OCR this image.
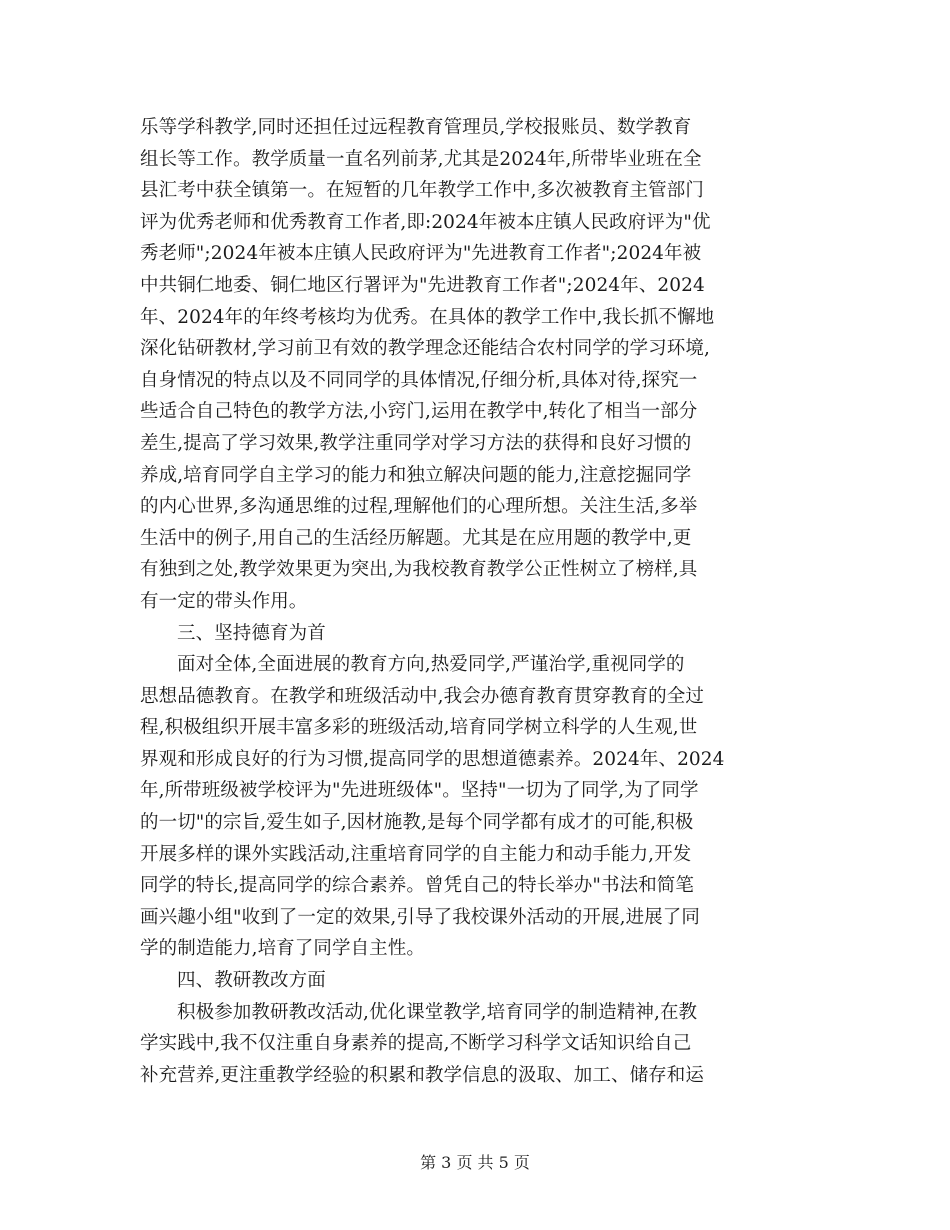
乐等学科教学,同时还担任过远程教育管理员,学校报账员、数学教育
组长等工作。教学质量一直名列前茅,尤其是2024年,所带毕业班在全
县汇考中获全镇第一。在短暂的几年教学工作中,多次被教育主管部门
评为优秀老师和优秀教育工作者,即:2024年被本庄镇人民政府评为"优
秀老师";2024年被本庄镇人民政府评为"先进教育工作者";2024年被
中共铜仁地委、铜仁地区行署评为"先进教育工作者";2024年、2024
年、2024年的年终考核均为优秀。在具体的教学工作中,我长抓不懈地
深化钻研教材,学习前卫有效的教学理念还能结合农村同学的学习环境,
自身情况的特点以及不同同学的具体情况,仔细分析,具体对待,探究一
些适合自己特色的教学方法,小窍门,运用在教学中,转化了相当一部分
差生,提高了学习效果,教学注重同学对学习方法的获得和良好习惯的
养成,培育同学自主学习的能力和独立解决问题的能力,注意挖掘同学
的内心世界,多沟通思维的过程,理解他们的心理所想。关注生活,多举
生活中的例子,用自己的生活经历解题。尤其是在应用题的教学中,更
有独到之处,教学效果更为突出,为我校教育教学公正性树立了榜样,具
有一定的带头作用。
三、坚持德育为首
面对全体,全面进展的教育方向,热爱同学,严谨治学,重视同学的
思想品德教育。在教学和班级活动中,我会办德育教育贯穿教育的全过
程,积极组织开展丰富多彩的班级活动,培育同学树立科学的人生观,世
界观和形成良好的行为习惯,提高同学的思想道德素养。2024年、2024
年,所带班级被学校评为"先进班级体"。坚持"一切为了同学,为了同学
的一切"的宗旨,爱生如子,因材施教,是每个同学都有成才的可能,积极
开展多样的课外实践活动,注重培育同学的自主能力和动手能力,开发
同学的特长,提高同学的综合素养。曾凭自己的特长举办"书法和简笔
画兴趣小组"收到了一定的效果,引导了我校课外活动的开展,进展了同
学的制造能力,培育了同学自主性。
四、教研教改方面
积极参加教研教改活动,优化课堂教学,培育同学的制造精神,在教
学实践中,我不仅注重自身素养的提高,不断学习科学文话知识给自己
补充营养,更注重教学经验的积累和教学信息的汲取、加工、储存和运
第 3 页 共 5 页
